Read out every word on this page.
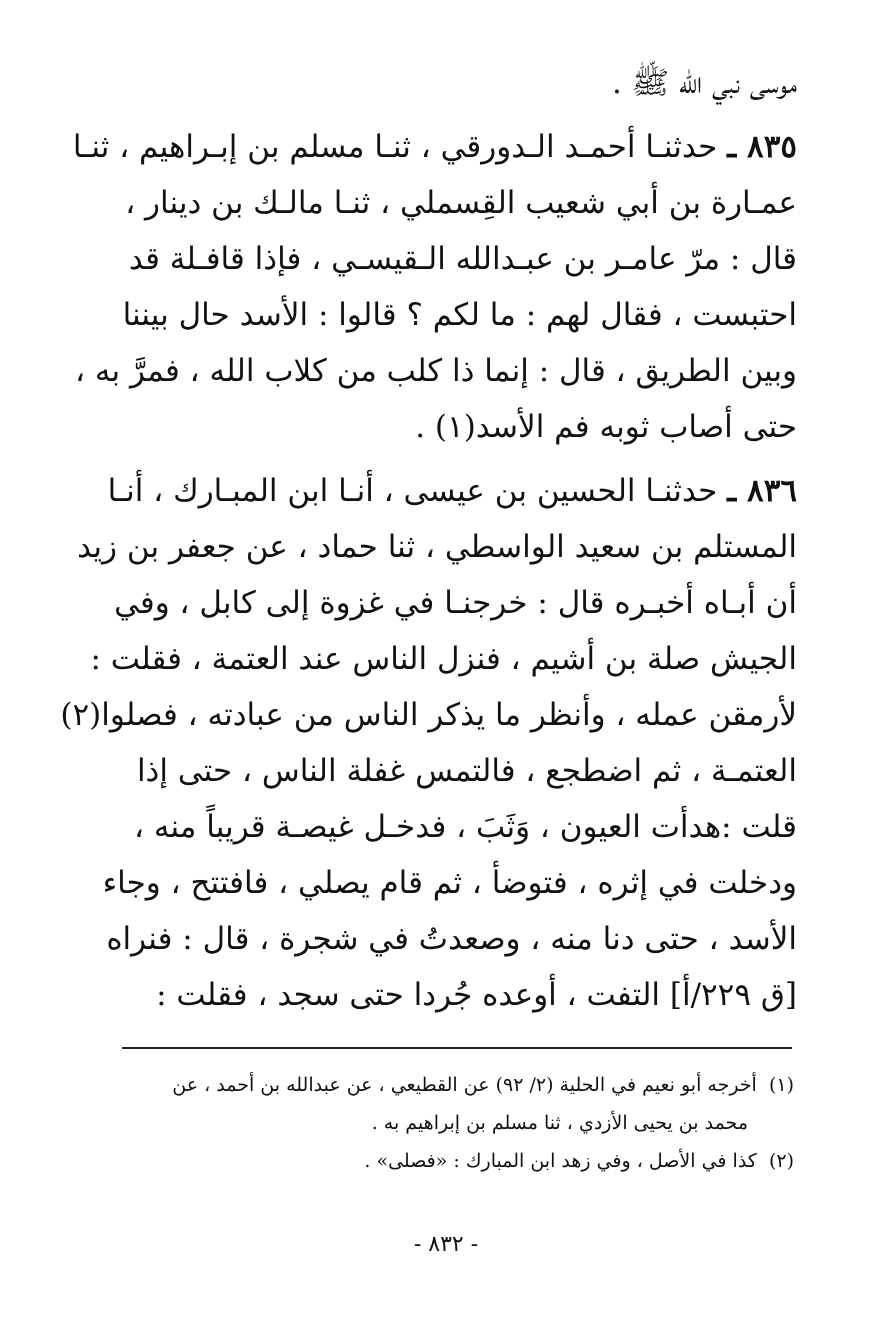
موسى نبي الله ﷺ .
٨٣٥ ـ حدثنـا أحمـد الـدورقي ، ثنـا مسلم بن إبـراهيم ، ثنـا
عمـارة بن أبي شعيب القِسملي ، ثنـا مالـك بن دينار ،
قال : مرّ عامـر بن عبـدالله الـقيسـي ، فإذا قافـلة قد
احتبست ، فقال لهم : ما لكم ؟ قالوا : الأسد حال بيننا
وبين الطريق ، قال : إنما ذا كلب من كلاب الله ، فمرَّ به ،
حتى أصاب ثوبه فم الأسد(١) .
٨٣٦ ـ حدثنـا الحسين بن عيسى ، أنـا ابن المبـارك ، أنـا
المستلم بن سعيد الواسطي ، ثنا حماد ، عن جعفر بن زيد
أن أبـاه أخبـره قال : خرجنـا في غزوة إلى كابل ، وفي
الجيش صلة بن أشيم ، فنزل الناس عند العتمة ، فقلت :
لأرمقن عمله ، وأنظر ما يذكر الناس من عبادته ، فصلوا(٢)
العتمـة ، ثم اضطجع ، فالتمس غفلة الناس ، حتى إذا
قلت :هدأت العيون ، وَثَبَ ، فدخـل غيصـة قريباً منه ،
ودخلت في إثره ، فتوضأ ، ثم قام يصلي ، فافتتح ، وجاء
الأسد ، حتى دنا منه ، وصعدتُ في شجرة ، قال : فنراه
[ق ٢٢٩/أ] التفت ، أوعده جُردا حتى سجد ، فقلت :
(١)  أخرجه أبو نعيم في الحلية (٢/ ٩٢) عن القطيعي ، عن عبدالله بن أحمد ، عن
محمد بن يحيى الأزدي ، ثنا مسلم بن إبراهيم به .
(٢)  كذا في الأصل ، وفي زهد ابن المبارك : «فصلى» .
- ٨٣٢ -
